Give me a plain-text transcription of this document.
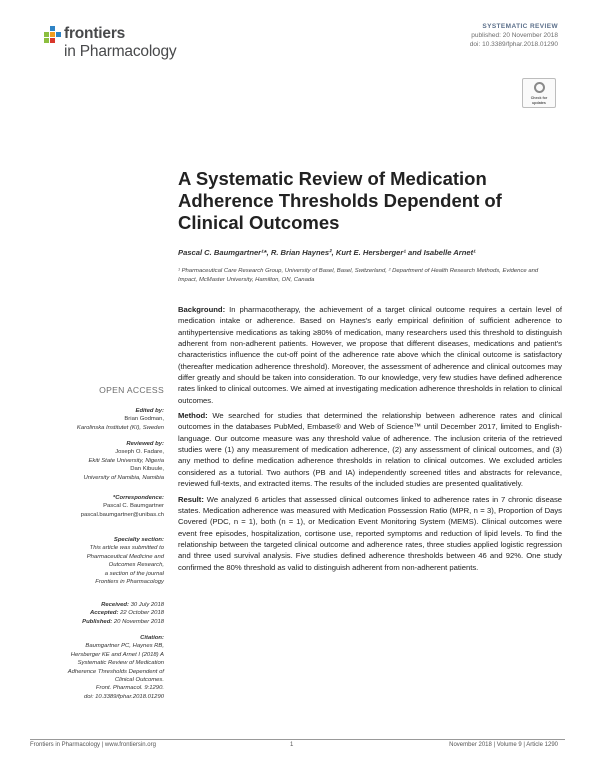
frontiers
in Pharmacology
SYSTEMATIC REVIEW
published: 20 November 2018
doi: 10.3389/fphar.2018.01290
Check for
updates
A Systematic Review of Medication Adherence Thresholds Dependent of Clinical Outcomes
Pascal C. Baumgartner¹*, R. Brian Haynes², Kurt E. Hersberger¹ and Isabelle Arnet¹
¹ Pharmaceutical Care Research Group, University of Basel, Basel, Switzerland, ² Department of Health Research Methods, Evidence and Impact, McMaster University, Hamilton, ON, Canada

Background: In pharmacotherapy, the achievement of a target clinical outcome requires a certain level of medication intake or adherence. Based on Haynes's early empirical definition of sufficient adherence to antihypertensive medications as taking ≥80% of medication, many researchers used this threshold to distinguish adherent from non-adherent patients. However, we propose that different diseases, medications and patient's characteristics influence the cut-off point of the adherence rate above which the clinical outcome is satisfactory (thereafter medication adherence threshold). Moreover, the assessment of adherence and clinical outcomes may differ greatly and should be taken into consideration. To our knowledge, very few studies have defined adherence rates linked to clinical outcomes. We aimed at investigating medication adherence thresholds in relation to clinical outcomes.

Method: We searched for studies that determined the relationship between adherence rates and clinical outcomes in the databases PubMed, Embase® and Web of Science™ until December 2017, limited to English-language. Our outcome measure was any threshold value of adherence. The inclusion criteria of the retrieved studies were (1) any measurement of medication adherence, (2) any assessment of clinical outcomes, and (3) any method to define medication adherence thresholds in relation to clinical outcomes. We excluded articles considered as a tutorial. Two authors (PB and IA) independently screened titles and abstracts for relevance, reviewed full-texts, and extracted items. The results of the included studies are presented qualitatively.

Result: We analyzed 6 articles that assessed clinical outcomes linked to adherence rates in 7 chronic disease states. Medication adherence was measured with Medication Possession Ratio (MPR, n = 3), Proportion of Days Covered (PDC, n = 1), both (n = 1), or Medication Event Monitoring System (MEMS). Clinical outcomes were event free episodes, hospitalization, cortisone use, reported symptoms and reduction of lipid levels. To find the relationship between the targeted clinical outcome and adherence rates, three studies applied logistic regression and three used survival analysis. Five studies defined adherence thresholds between 46 and 92%. One study confirmed the 80% threshold as valid to distinguish adherent from non-adherent patients.

OPEN ACCESS
Edited by:
Brian Godman,
Karolinska Institutet (KI), Sweden
Reviewed by:
Joseph O. Fadare,
Ekiti State University, Nigeria
Dan Kibuule,
University of Namibia, Namibia
*Correspondence:
Pascal C. Baumgartner
pascal.baumgartner@unibas.ch
Specialty section:
This article was submitted to
Pharmaceutical Medicine and
Outcomes Research,
a section of the journal
Frontiers in Pharmacology
Received: 30 July 2018
Accepted: 22 October 2018
Published: 20 November 2018
Citation:
Baumgartner PC, Haynes RB,
Hersberger KE and Arnet I (2018) A
Systematic Review of Medication
Adherence Thresholds Dependent of
Clinical Outcomes.
Front. Pharmacol. 9:1290.
doi: 10.3389/fphar.2018.01290
Frontiers in Pharmacology | www.frontiersin.org	1	November 2018 | Volume 9 | Article 1290
